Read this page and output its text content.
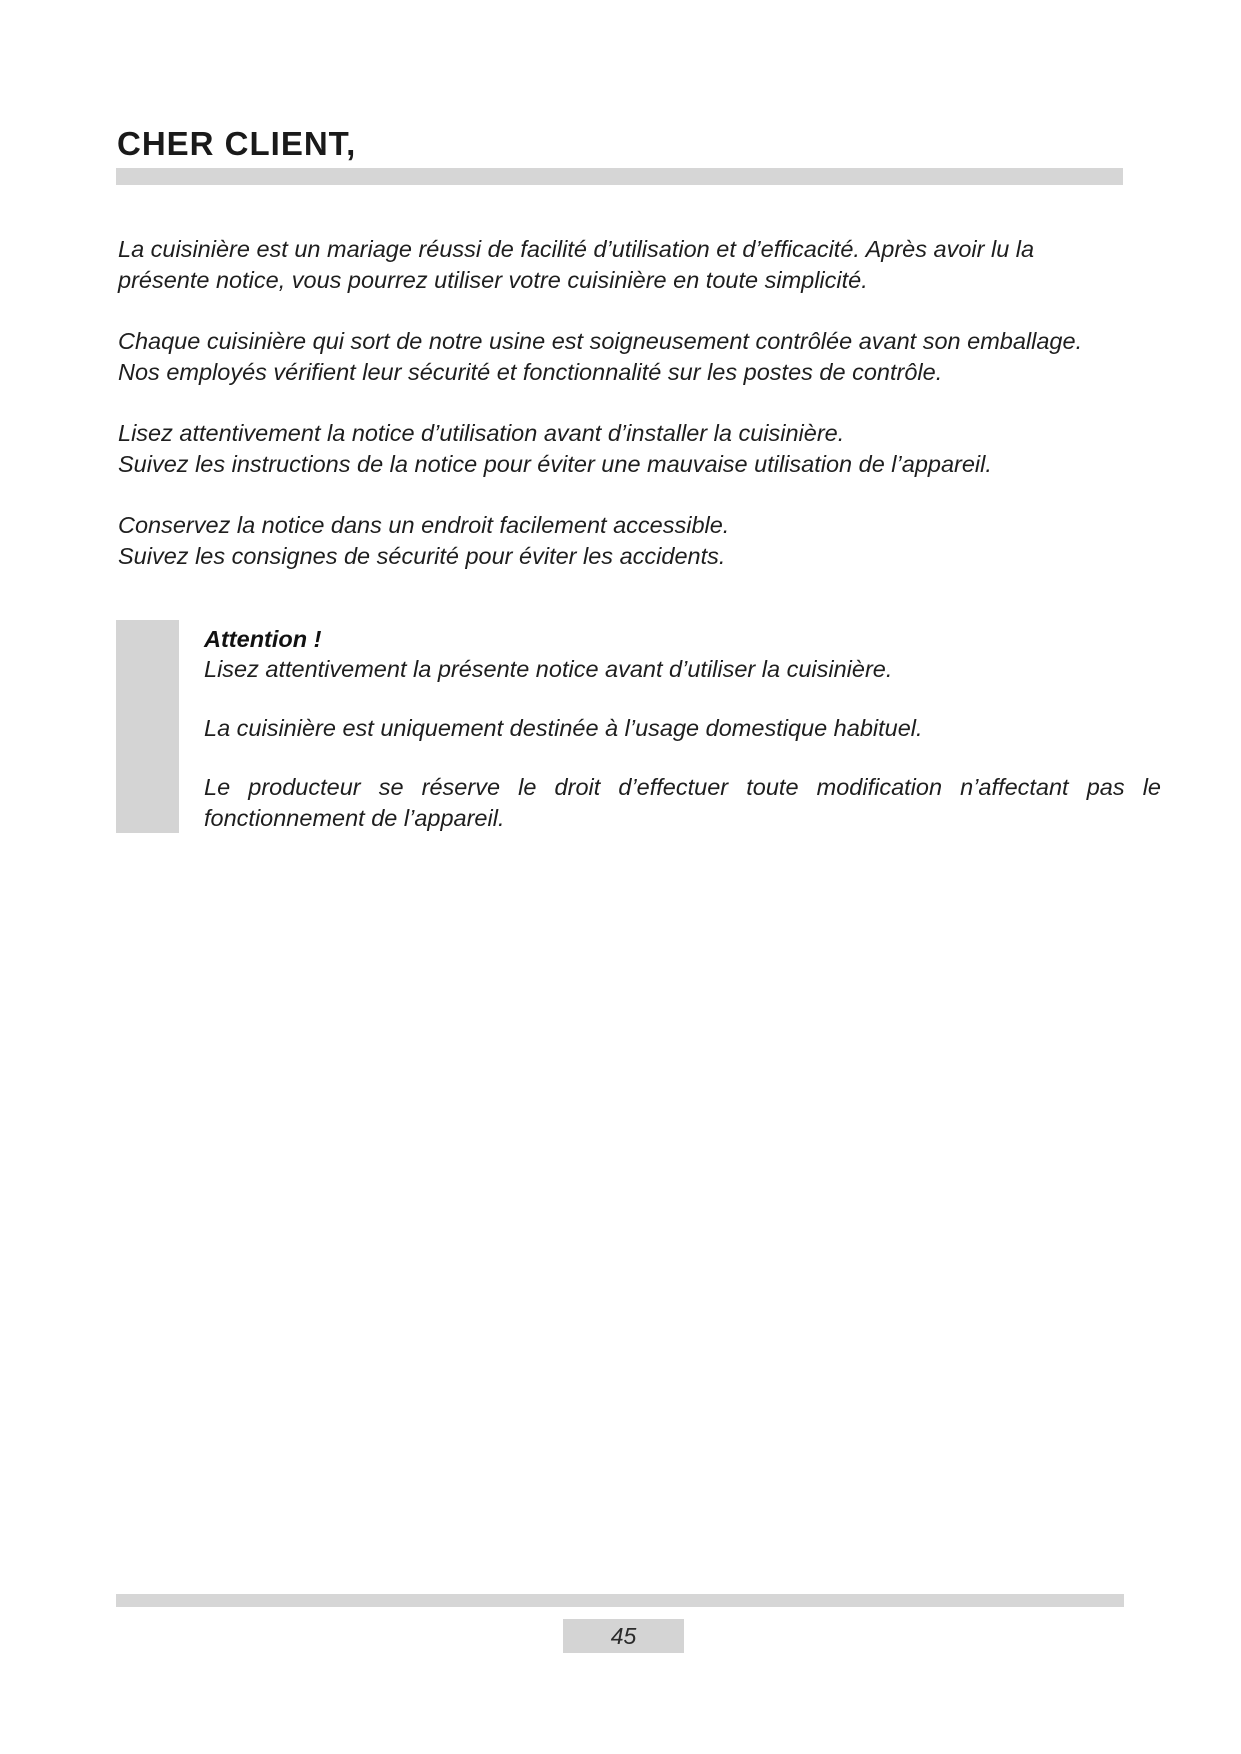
CHER CLIENT,

La cuisinière est un mariage réussi de facilité d’utilisation et d’efficacité. Après avoir lu la
présente notice, vous pourrez utiliser votre cuisinière en toute simplicité.

Chaque cuisinière qui sort de notre usine est soigneusement contrôlée avant son emballage.
Nos employés vérifient leur sécurité et fonctionnalité sur les postes de contrôle.

Lisez attentivement la notice d’utilisation avant d’installer la cuisinière.
Suivez les instructions de la notice pour éviter une mauvaise utilisation de l’appareil.

Conservez la notice dans un endroit facilement accessible.
Suivez les consignes de sécurité pour éviter les accidents.

Attention !

Lisez attentivement la présente notice avant d’utiliser la cuisinière.

La cuisinière est uniquement destinée à l’usage domestique habituel.

Le producteur se réserve le droit d’effectuer toute modification n’affectant pas le fonctionnement de l’appareil.

45
